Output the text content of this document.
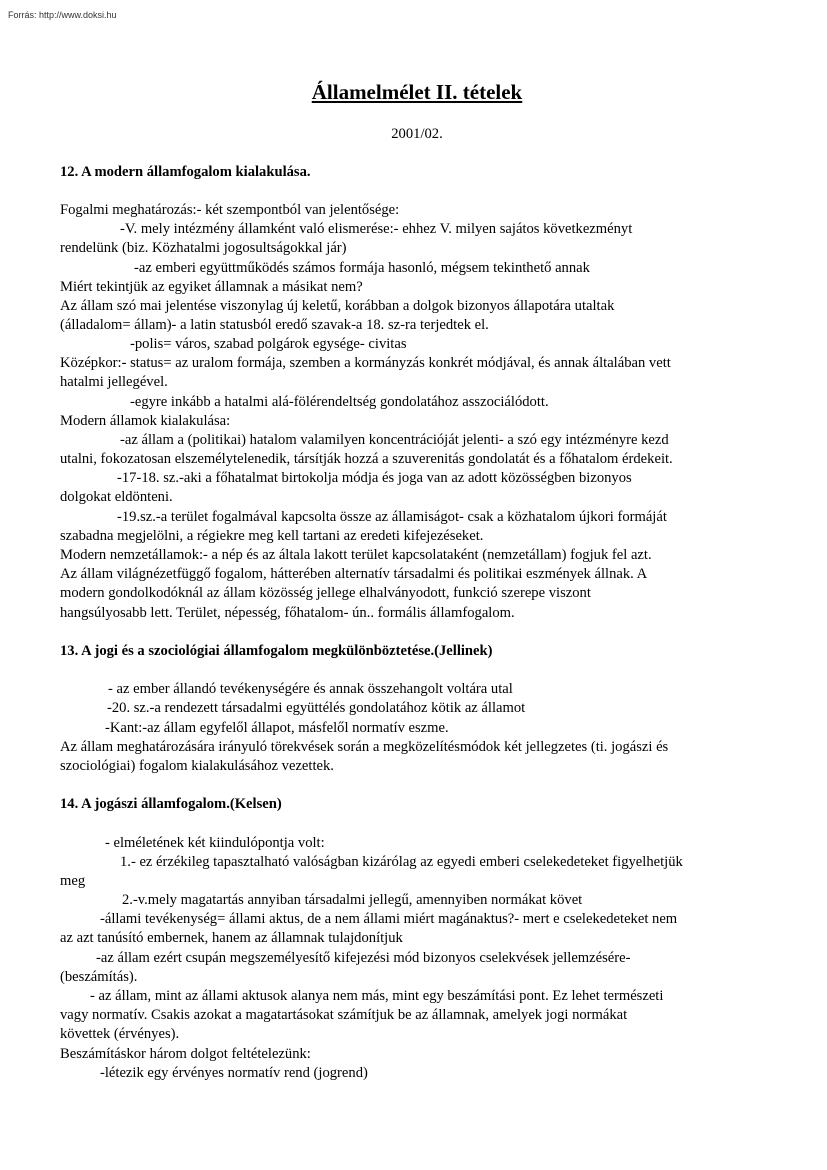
Forrás: http://www.doksi.hu
Államelmélet II. tételek
2001/02.
12. A modern államfogalom kialakulása.
Fogalmi meghatározás:- két szempontból van jelentősége:
-V. mely intézmény államként való elismerése:- ehhez V. milyen sajátos következményt
rendelünk (biz. Közhatalmi jogosultságokkal jár)
-az emberi együttműködés számos formája hasonló, mégsem tekinthető annak
Miért tekintjük az egyiket államnak a másikat nem?
Az állam szó mai jelentése viszonylag új keletű, korábban a dolgok bizonyos állapotára utaltak
(álladalom= állam)- a latin statusból eredő szavak-a 18. sz-ra terjedtek el.
-polis= város, szabad polgárok egysége- civitas
Középkor:- status= az uralom formája, szemben a kormányzás konkrét módjával, és annak általában vett
hatalmi jellegével.
-egyre inkább a hatalmi alá-fölérendeltség gondolatához asszociálódott.
Modern államok kialakulása:
-az állam a (politikai) hatalom valamilyen koncentrációját jelenti- a szó egy intézményre kezd
utalni, fokozatosan elszemélytelenedik, társítják hozzá a szuverenitás gondolatát és a főhatalom érdekeit.
-17-18. sz.-aki a főhatalmat birtokolja módja és joga van az adott közösségben bizonyos
dolgokat eldönteni.
-19.sz.-a terület fogalmával kapcsolta össze az államiságot- csak a közhatalom újkori formáját
szabadna megjelölni, a régiekre meg kell tartani az eredeti kifejezéseket.
Modern nemzetállamok:- a nép és az általa lakott terület kapcsolataként (nemzetállam) fogjuk fel azt.
Az állam világnézetfüggő fogalom, hátterében alternatív társadalmi és politikai eszmények állnak. A
modern gondolkodóknál az állam közösség jellege elhalványodott, funkció szerepe viszont
hangsúlyosabb lett. Terület, népesség, főhatalom- ún.. formális államfogalom.
13. A jogi és a szociológiai államfogalom megkülönböztetése.(Jellinek)
- az ember állandó tevékenységére és annak összehangolt voltára utal
-20. sz.-a rendezett társadalmi együttélés gondolatához kötik az államot
-Kant:-az állam egyfelől állapot, másfelől normatív eszme.
Az állam meghatározására irányuló törekvések során a megközelítésmódok két jellegzetes (ti. jogászi és
szociológiai) fogalom kialakulásához vezettek.
14. A jogászi államfogalom.(Kelsen)
- elméletének két kiindulópontja volt:
1.- ez érzékileg tapasztalható valóságban kizárólag az egyedi emberi cselekedeteket figyelhetjük
meg
2.-v.mely magatartás annyiban társadalmi jellegű, amennyiben normákat követ
-állami tevékenység= állami aktus, de a nem állami miért magánaktus?- mert e cselekedeteket nem
az azt tanúsító embernek, hanem az államnak tulajdonítjuk
-az állam ezért csupán megszemélyesítő kifejezési mód bizonyos cselekvések jellemzésére-
(beszámítás).
- az állam, mint az állami aktusok alanya nem más, mint egy beszámítási pont. Ez lehet természeti
vagy normatív. Csakis azokat a magatartásokat számítjuk be az államnak, amelyek jogi normákat
követtek (érvényes).
Beszámításkor három dolgot feltételezünk:
-létezik egy érvényes normatív rend (jogrend)
